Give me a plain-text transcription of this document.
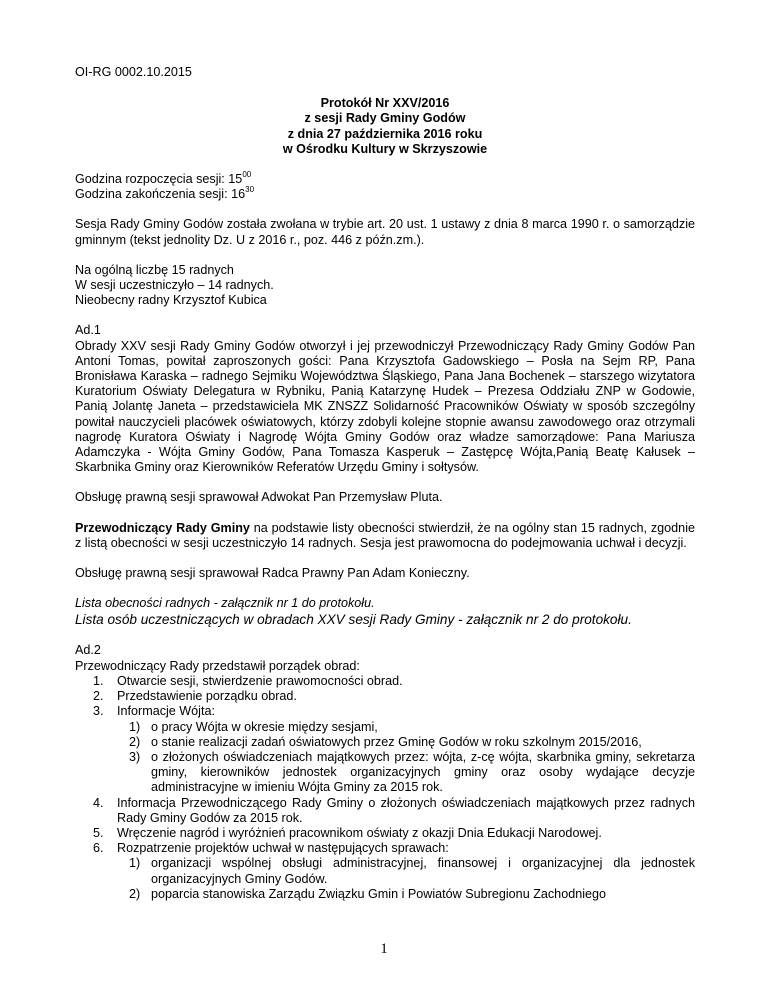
OI-RG 0002.10.2015

Protokół Nr XXV/2016

z sesji Rady Gminy Godów

z dnia 27 października 2016 roku

w Ośrodku Kultury w Skrzyszowie

Godzina rozpoczęcia sesji: $15^{00}$

Godzina zakończenia sesji: $16^{30}$

Sesja Rady Gminy Godów została zwołana w trybie art. 20 ust. 1 ustawy z dnia 8 marca 1990 r. o samorządzie gminnym (tekst jednolity Dz. U z 2016 r., poz. 446 z późn.zm.).

Na ogólną liczbę 15 radnych

W sesji uczestniczyło – 14 radnych.

Nieobecny radny Krzysztof Kubica

Ad.1

Obrady XXV sesji Rady Gminy Godów otworzył i jej przewodniczył Przewodniczący Rady Gminy Godów Pan Antoni Tomas, powitał zaproszonych gości: Pana Krzysztofa Gadowskiego – Posła na Sejm RP, Pana Bronisława Karaska – radnego Sejmiku Województwa Śląskiego, Pana Jana Bochenek – starszego wizytatora Kuratorium Oświaty Delegatura w Rybniku, Panią Katarzynę Hudek – Prezesa Oddziału ZNP w Godowie, Panią Jolantę Janeta – przedstawiciela MK ZNSZZ Solidarność Pracowników Oświaty w sposób szczególny powitał nauczycieli placówek oświatowych, którzy zdobyli kolejne stopnie awansu zawodowego oraz otrzymali nagrodę Kuratora Oświaty i Nagrodę Wójta Gminy Godów oraz władze samorządowe: Pana Mariusza Adamczyka - Wójta Gminy Godów, Pana Tomasza Kasperuk – Zastępcę Wójta,Panią Beatę Kałusek – Skarbnika Gminy oraz Kierowników Referatów Urzędu Gminy i sołtysów.

Obsługę prawną sesji sprawował Adwokat Pan Przemysław Pluta.

Przewodniczący Rady Gminy na podstawie listy obecności stwierdził, że na ogólny stan 15 radnych, zgodnie z listą obecności w sesji uczestniczyło 14 radnych. Sesja jest prawomocna do podejmowania uchwał i decyzji.

Obsługę prawną sesji sprawował Radca Prawny Pan Adam Konieczny.

Lista obecności radnych - załącznik nr 1 do protokołu.

Lista osób uczestniczących w obradach XXV sesji Rady Gminy - załącznik nr 2 do protokołu.

Ad.2

Przewodniczący Rady przedstawił porządek obrad:

1. Otwarcie sesji, stwierdzenie prawomocności obrad.
2. Przedstawienie porządku obrad.
3. Informacje Wójta:
1) o pracy Wójta w okresie między sesjami,
2) o stanie realizacji zadań oświatowych przez Gminę Godów w roku szkolnym 2015/2016,
3) o złożonych oświadczeniach majątkowych przez: wójta, z-cę wójta, skarbnika gminy, sekretarza gminy, kierowników jednostek organizacyjnych gminy oraz osoby wydające decyzje administracyjne w imieniu Wójta Gminy za 2015 rok.
4. Informacja Przewodniczącego Rady Gminy o złożonych oświadczeniach majątkowych przez radnych Rady Gminy Godów za 2015 rok.
5. Wręczenie nagród i wyróżnień pracownikom oświaty z okazji Dnia Edukacji Narodowej.
6. Rozpatrzenie projektów uchwał w następujących sprawach:
1) organizacji wspólnej obsługi administracyjnej, finansowej i organizacyjnej dla jednostek organizacyjnych Gminy Godów.
2) poparcia stanowiska Zarządu Związku Gmin i Powiatów Subregionu Zachodniego
1
